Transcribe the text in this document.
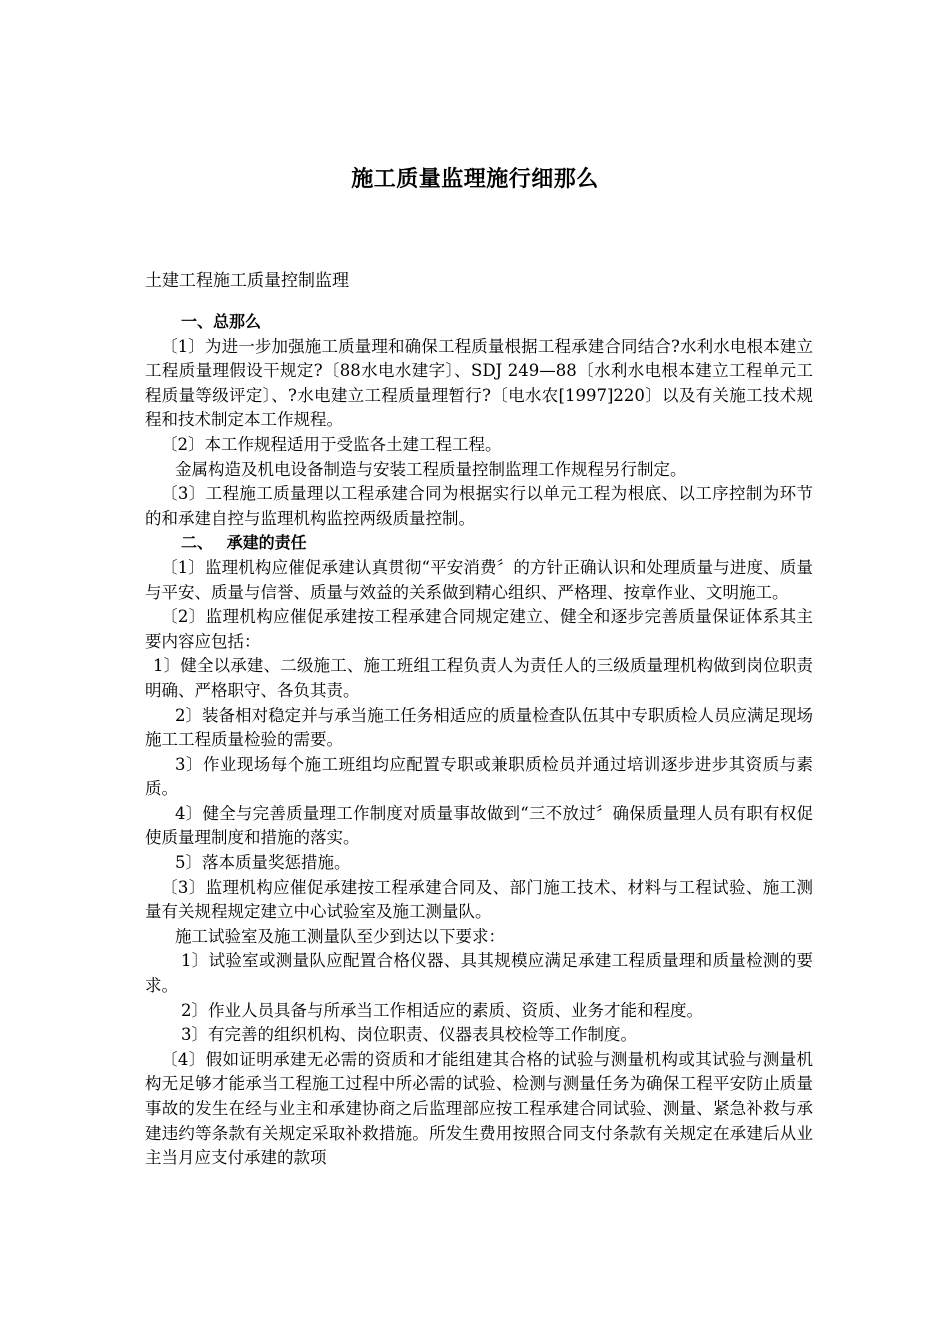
施工质量监理施行细那么
土建工程施工质量控制监理

一、总那么

〔1〕为进一步加强施工质量理和确保工程质量根据工程承建合同结合?水利水电根本建立工程质量理假设干规定?〔88水电水建字〕、SDJ 249—88〔水利水电根本建立工程单元工程质量等级评定〕、?水电建立工程质量理暂行?〔电水农[1997]220〕以及有关施工技术规程和技术制定本工作规程。

〔2〕本工作规程适用于受监各土建工程工程。

金属构造及机电设备制造与安装工程质量控制监理工作规程另行制定。

〔3〕工程施工质量理以工程承建合同为根据实行以单元工程为根底、以工序控制为环节的和承建自控与监理机构监控两级质量控制。

二、　 承建的责任

〔1〕监理机构应催促承建认真贯彻“平安消费〞的方针正确认识和处理质量与进度、质量与平安、质量与信誉、质量与效益的关系做到精心组织、严格理、按章作业、文明施工。

〔2〕监理机构应催促承建按工程承建合同规定建立、健全和逐步完善质量保证体系其主要内容应包括：

1〕健全以承建、二级施工、施工班组工程负责人为责任人的三级质量理机构做到岗位职责明确、严格职守、各负其责。

2〕装备相对稳定并与承当施工任务相适应的质量检查队伍其中专职质检人员应满足现场施工工程质量检验的需要。

3〕作业现场每个施工班组均应配置专职或兼职质检员并通过培训逐步进步其资质与素质。

4〕健全与完善质量理工作制度对质量事故做到“三不放过〞确保质量理人员有职有权促使质量理制度和措施的落实。

5〕落本质量奖惩措施。

〔3〕监理机构应催促承建按工程承建合同及、部门施工技术、材料与工程试验、施工测量有关规程规定建立中心试验室及施工测量队。

施工试验室及施工测量队至少到达以下要求：

1〕试验室或测量队应配置合格仪器、具其规模应满足承建工程质量理和质量检测的要求。

2〕作业人员具备与所承当工作相适应的素质、资质、业务才能和程度。

3〕有完善的组织机构、岗位职责、仪器表具校检等工作制度。

〔4〕假如证明承建无必需的资质和才能组建其合格的试验与测量机构或其试验与测量机构无足够才能承当工程施工过程中所必需的试验、检测与测量任务为确保工程平安防止质量事故的发生在经与业主和承建协商之后监理部应按工程承建合同试验、测量、紧急补救与承建违约等条款有关规定采取补救措施。所发生费用按照合同支付条款有关规定在承建后从业主当月应支付承建的款项
